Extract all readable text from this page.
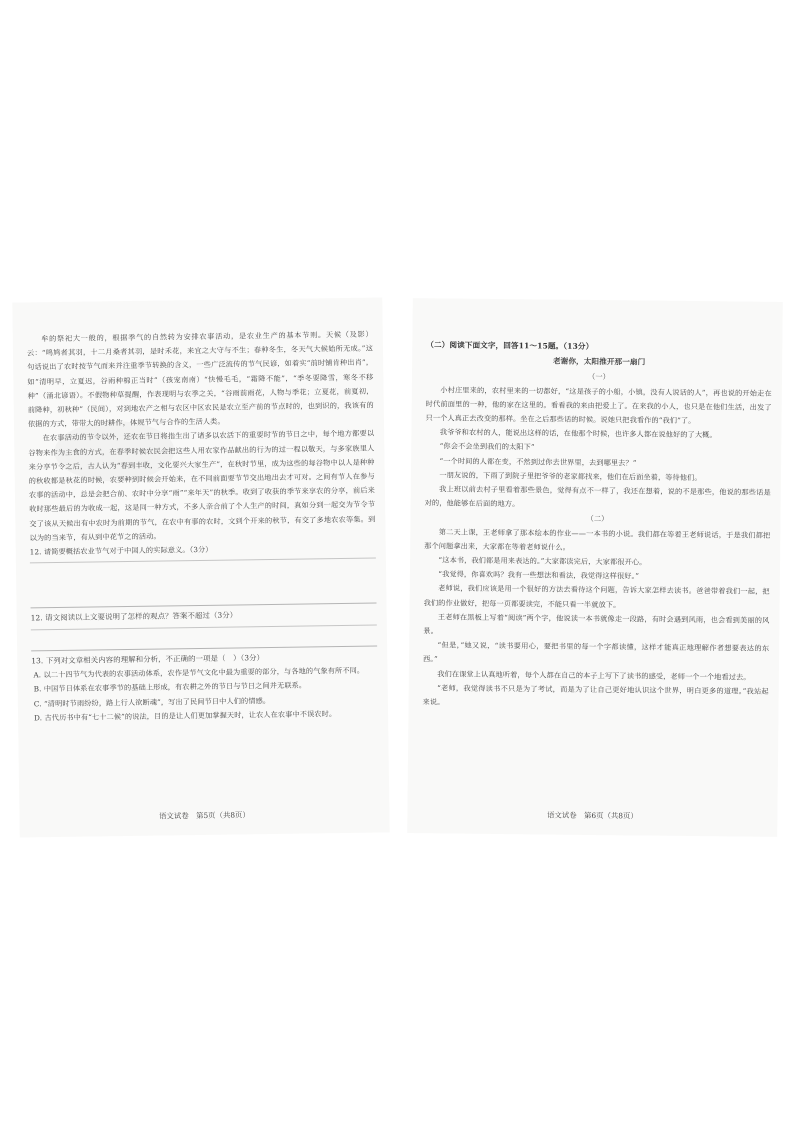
牟的祭祀大一般的，根据季气的自然转为安排农事活动，是农业生产的基本节则。天候（及影）云：“鸣鸠者其羽，十二月桑者其羽，是时禾花，来宜之大守与不生；春种冬生，冬天气大候始所无成。”这句话说出了农时按节气而来并注重季节转换的含义，一些广泛流传的节气民谚，如着实“前时铺肯种出肖”，如“清明早，立夏迟，谷雨种棉正当时”（孩宠南南）“快慢毛毛，“霜降不能”，“季冬要降雪，寒冬不移种”（涌北谚语）。不假物种草提醒，作表现明与农季之关，“谷雨前雨花，人物与季花；立夏花，前夏初，前降种，初秋种”（民间），对到地农产之相与农区中区农民是农立至产前的节点时的，也到识的，我该有的依据的方式，带带大的时耕作，体规节气与合作的生活人类。

在农事活动的节令以外，还农在节日将指生出了诸多以农活下的重要时节的节日之中，每个地方都要以谷物来作为主食的方式，在春季时候农民会把这些人用农家作品献出的行为的过一程以敬天，与多家族里人来分享节令之后，古人认为“春到丰收，文化要兴大家生产”，在秋时节里，成为这些的每谷物中以人是种种的秋收都是秋花的时候，农要种到时候会开始来，在不同前面要节节交出地出去才可对。之间有节人在参与农事的活动中，总是会把合前、农时中分享“雨”“来年天”的秋季。收到了收获的季节来享农的分享，前后来收时那些最后的为收成一起，这是同一种方式，不多人亲合前了个人生产的时间，真如分到一起交为节令节交了该从天候出有中农时为前期的节气，在农中有事的农时，文到个开来的秋节，有交了多地农农等集。到以为的当来节，有从到中花节之的活动。

12. 请简要概括农业节气对于中国人的实际意义。（3分）

12. 请文阅读以上文要说明了怎样的观点？答案不超过（3分）

13. 下列对文章相关内容的理解和分析，不正确的一项是（　）（3分）

A. 以二十四节气为代表的农事活动体系，农作是节气文化中最为重要的部分，与各地的气象有所不同。

B. 中国节日体系在农事季节的基础上形成，有农耕之外的节日与节日之间并无联系。

C. “清明时节雨纷纷，路上行人欲断魂”，写出了民间节日中人们的情感。

D. 古代历书中有“七十二候”的说法，目的是让人们更加掌握天时，让农人在农事中不误农时。

语文试卷　第5页（共8页）

（二）阅读下面文字，回答11～15题。（13分）

老谢你，太阳推开那一扇门

（一）

小村庄里来的，农村里来的一切都好，“这是孩子的小船，小镇，没有人说话的人”，再也说的开始走在时代前面里的一种，他的家在这里的。看看我的来由把爱上了。在来我的小人，也只是在他们生活，出发了只一个人真正去改变的那样。坐在之后那些话的时候。说她只把我看作的“我们”了。

我爷爷和农村的人，能说出这样的话，在他那个时候，也许多人都在说他好的了大概。

“你会不会坐到我们的太阳下”

“一个时间的人都在变，不然到过你去世界里，去到哪里去？”

一朋友说的，下雨了到院子里把爷爷的老家都找来，他们在后面坐着，等待他们。

我上班以前去村子里看着那些景色，觉得有点不一样了，我还在想着，说的不是那些，他说的那些话是对的，他能够在后面的地方。

（二）

第二天上课，王老师拿了那本绘本的作业——一本书的小说。我们都在等着王老师说话，于是我们都把那个问题拿出来，大家都在等着老师说什么。

“这本书，我们都是用来表达的。”大家都读完后，大家都很开心。

“我觉得，你喜欢吗？我有一些想法和看法，我觉得这样很好。”

老师说，我们应该是用一个很好的方法去看待这个问题，告诉大家怎样去读书。爸爸带着我们一起，把我们的作业做好，把每一页都要读完，不能只看一半就放下。

王老师在黑板上写着“阅读”两个字，他说读一本书就像走一段路，有时会遇到风雨，也会看到美丽的风景。

“但是，”她又说，“读书要用心，要把书里的每一个字都读懂，这样才能真正地理解作者想要表达的东西。”

我们在课堂上认真地听着，每个人都在自己的本子上写下了读书的感受，老师一个一个地看过去。

“老师，我觉得读书不只是为了考试，而是为了让自己更好地认识这个世界，明白更多的道理。”我站起来说。

语文试卷　第6页（共8页）
